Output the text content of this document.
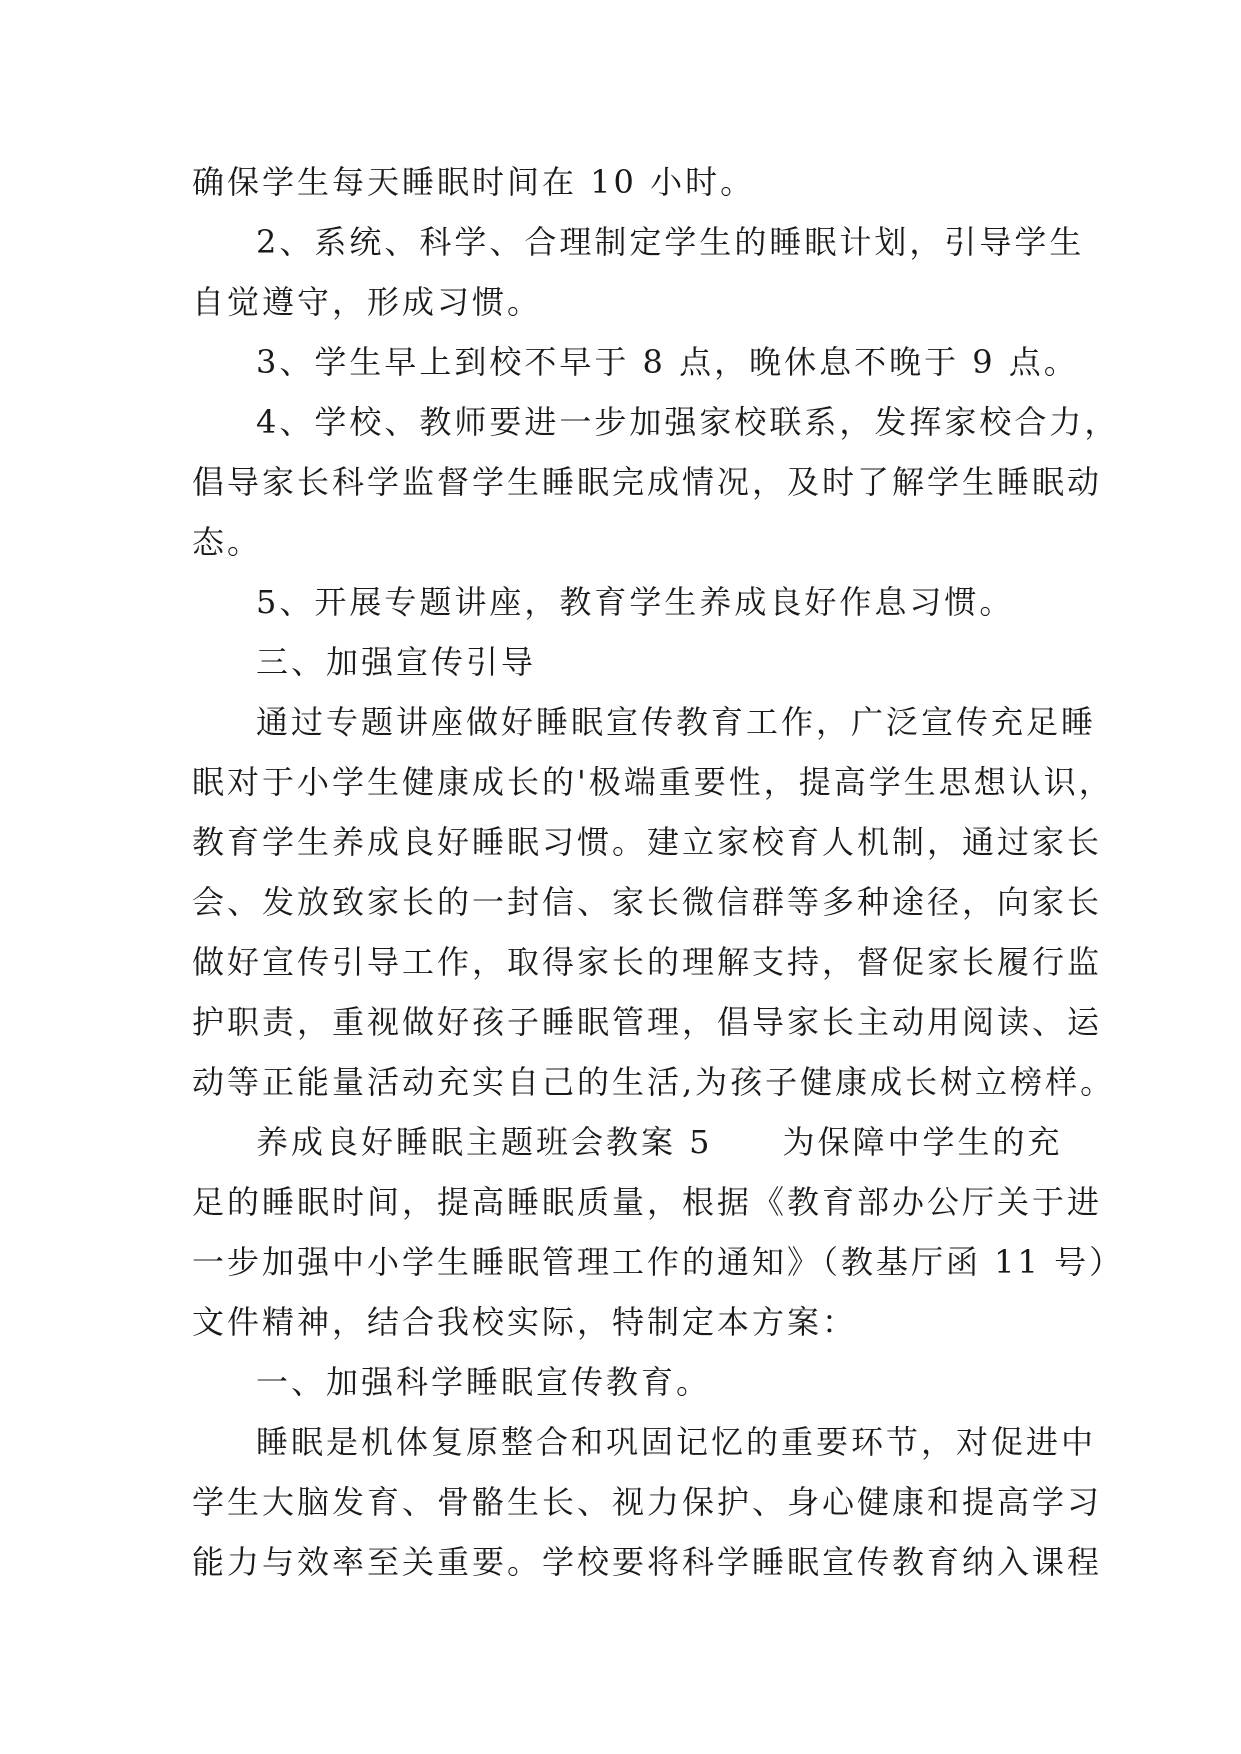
确保学生每天睡眠时间在 10 小时。
2、系统、科学、合理制定学生的睡眠计划，引导学生
自觉遵守，形成习惯。
3、学生早上到校不早于 8 点，晚休息不晚于 9 点。
4、学校、教师要进一步加强家校联系，发挥家校合力，
倡导家长科学监督学生睡眠完成情况，及时了解学生睡眠动
态。
5、开展专题讲座，教育学生养成良好作息习惯。
三、加强宣传引导
通过专题讲座做好睡眠宣传教育工作，广泛宣传充足睡
眠对于小学生健康成长的'极端重要性，提高学生思想认识，
教育学生养成良好睡眠习惯。建立家校育人机制，通过家长
会、发放致家长的一封信、家长微信群等多种途径，向家长
做好宣传引导工作，取得家长的理解支持，督促家长履行监
护职责，重视做好孩子睡眠管理，倡导家长主动用阅读、运
动等正能量活动充实自己的生活,为孩子健康成长树立榜样。
养成良好睡眠主题班会教案 5　　为保障中学生的充
足的睡眠时间，提高睡眠质量，根据《教育部办公厅关于进
一步加强中小学生睡眠管理工作的通知》（教基厅函 11 号）
文件精神，结合我校实际，特制定本方案：
一、加强科学睡眠宣传教育。
睡眠是机体复原整合和巩固记忆的重要环节，对促进中
学生大脑发育、骨骼生长、视力保护、身心健康和提高学习
能力与效率至关重要。学校要将科学睡眠宣传教育纳入课程
